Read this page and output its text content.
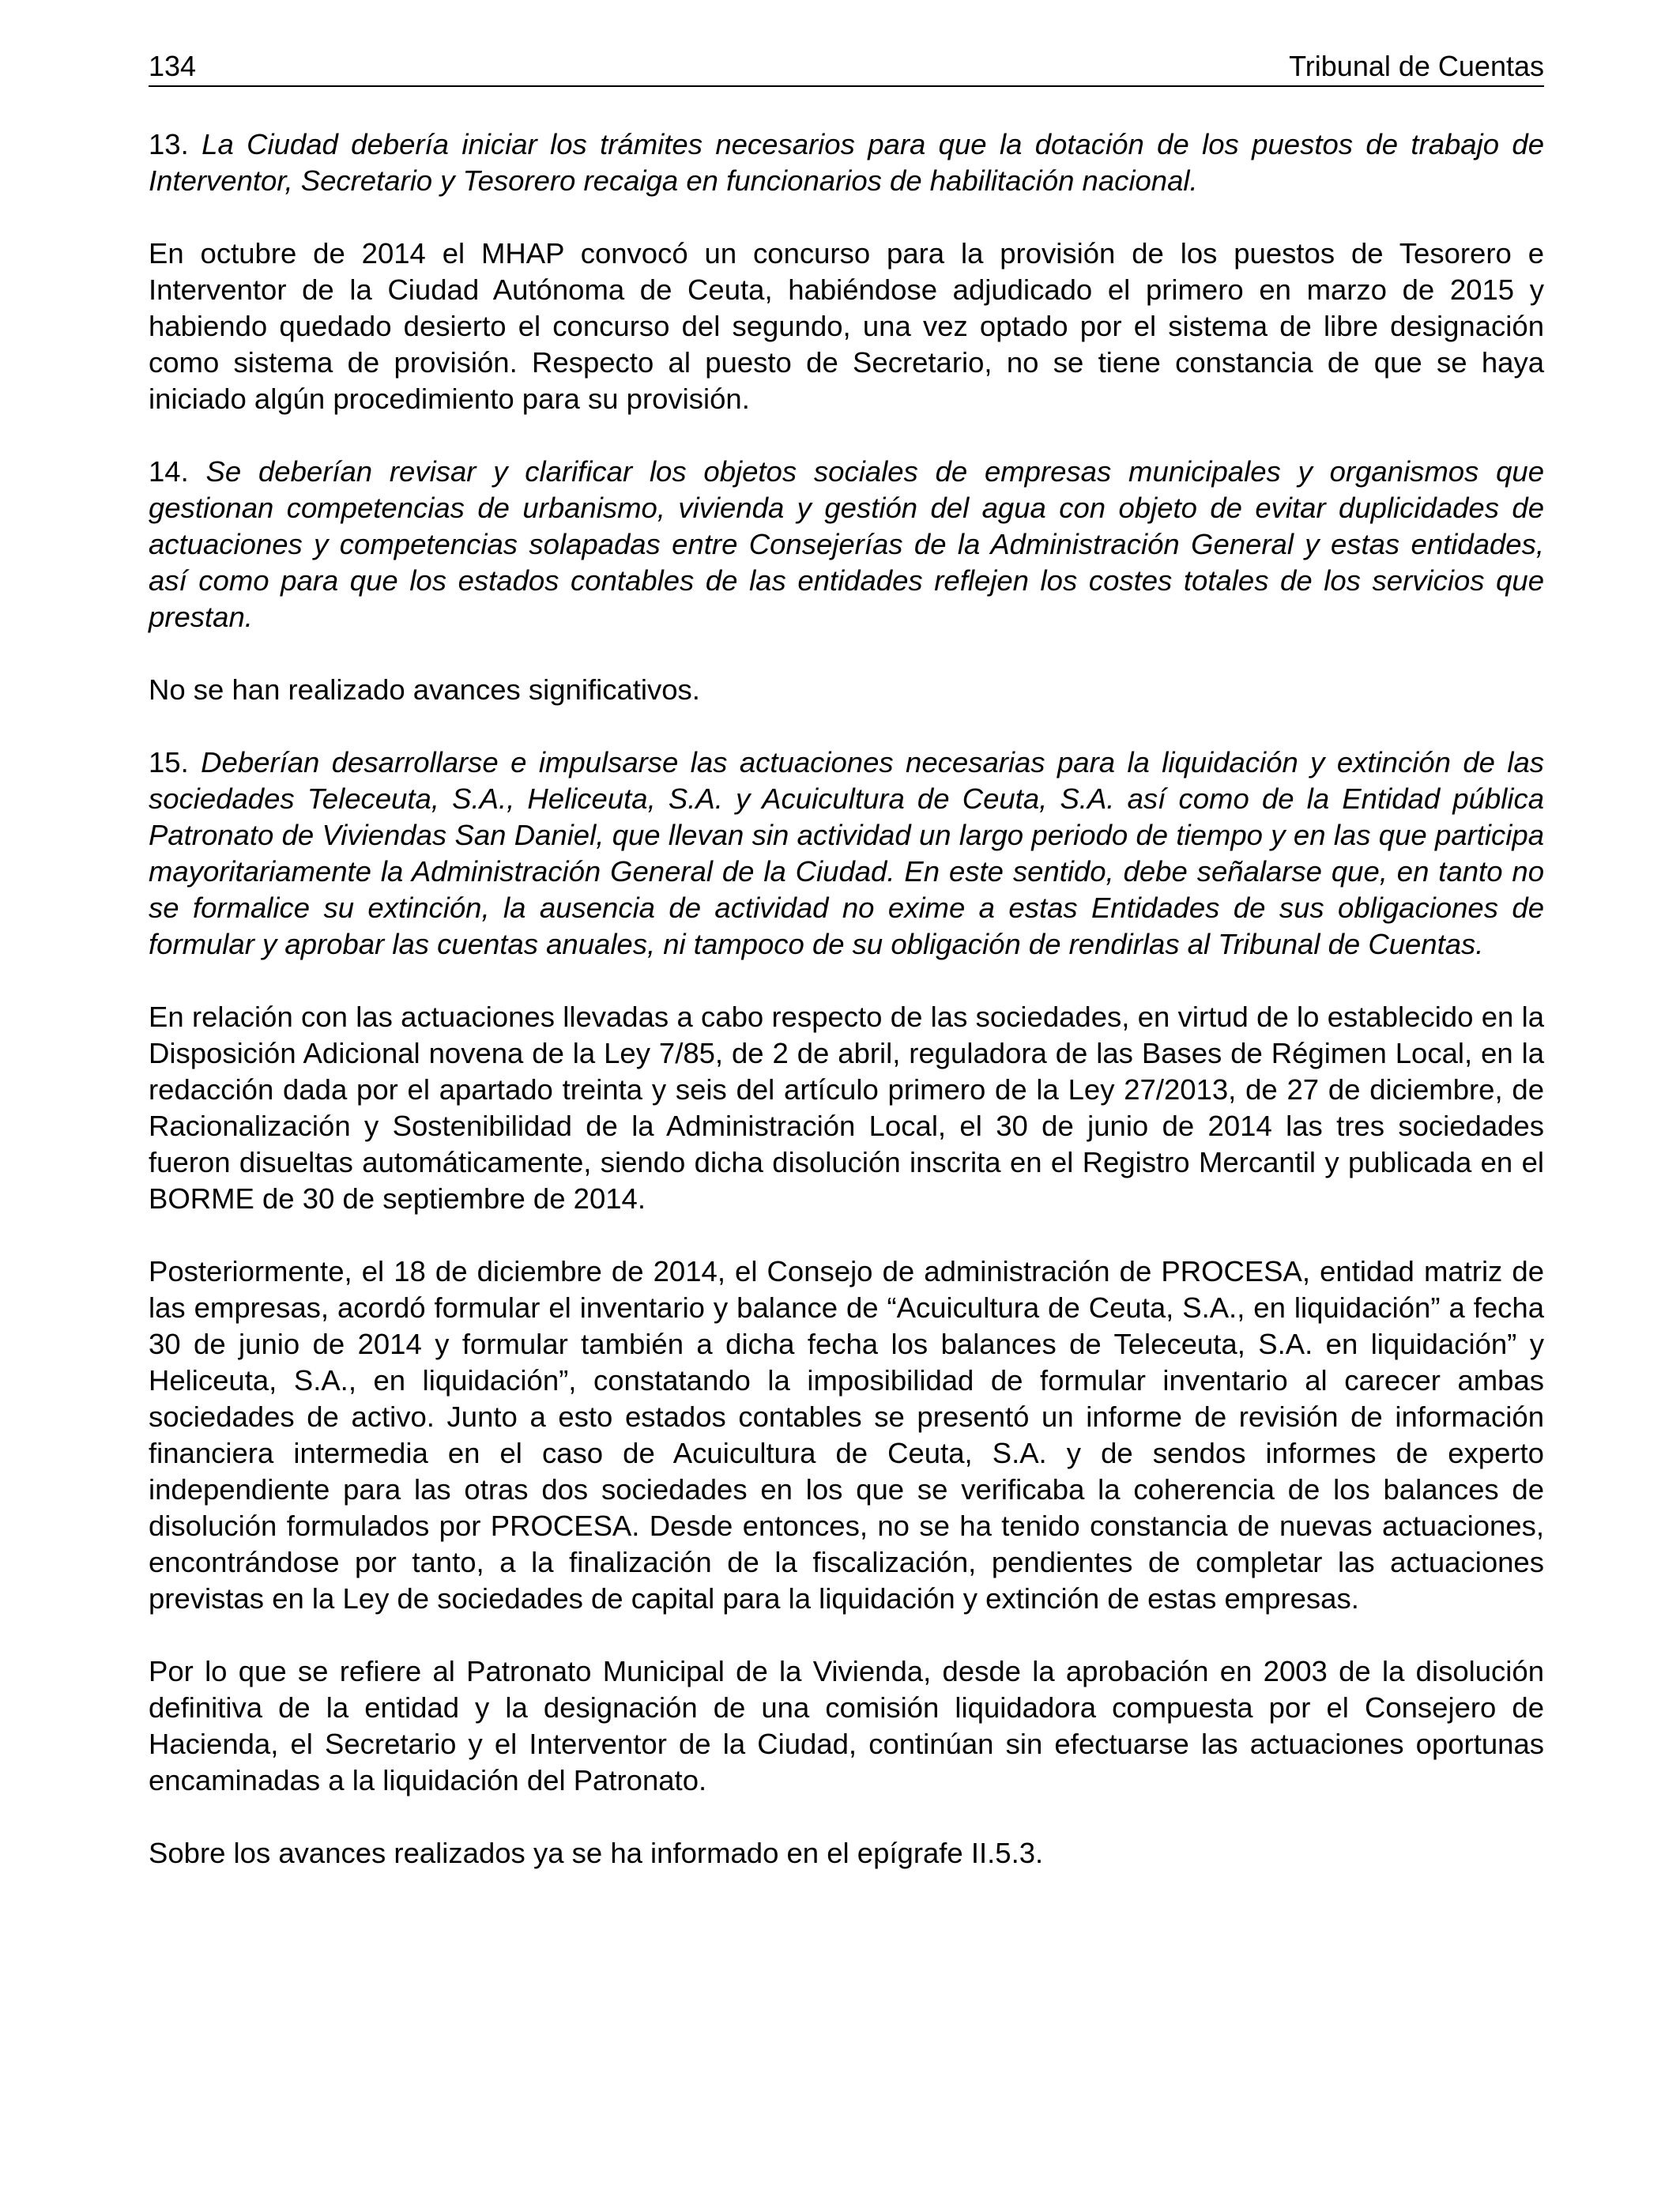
134	Tribunal de Cuentas

13. La Ciudad debería iniciar los trámites necesarios para que la dotación de los puestos de trabajo de Interventor, Secretario y Tesorero recaiga en funcionarios de habilitación nacional.

En octubre de 2014 el MHAP convocó un concurso para la provisión de los puestos de Tesorero e Interventor de la Ciudad Autónoma de Ceuta, habiéndose adjudicado el primero en marzo de 2015 y habiendo quedado desierto el concurso del segundo, una vez optado por el sistema de libre designación como sistema de provisión. Respecto al puesto de Secretario, no se tiene constancia de que se haya iniciado algún procedimiento para su provisión.

14. Se deberían revisar y clarificar los objetos sociales de empresas municipales y organismos que gestionan competencias de urbanismo, vivienda y gestión del agua con objeto de evitar duplicidades de actuaciones y competencias solapadas entre Consejerías de la Administración General y estas entidades, así como para que los estados contables de las entidades reflejen los costes totales de los servicios que prestan.

No se han realizado avances significativos.

15. Deberían desarrollarse e impulsarse las actuaciones necesarias para la liquidación y extinción de las sociedades Teleceuta, S.A., Heliceuta, S.A. y Acuicultura de Ceuta, S.A. así como de la Entidad pública Patronato de Viviendas San Daniel, que llevan sin actividad un largo periodo de tiempo y en las que participa mayoritariamente la Administración General de la Ciudad. En este sentido, debe señalarse que, en tanto no se formalice su extinción, la ausencia de actividad no exime a estas Entidades de sus obligaciones de formular y aprobar las cuentas anuales, ni tampoco de su obligación de rendirlas al Tribunal de Cuentas.

En relación con las actuaciones llevadas a cabo respecto de las sociedades, en virtud de lo establecido en la Disposición Adicional novena de la Ley 7/85, de 2 de abril, reguladora de las Bases de Régimen Local, en la redacción dada por el apartado treinta y seis del artículo primero de la Ley 27/2013, de 27 de diciembre, de Racionalización y Sostenibilidad de la Administración Local, el 30 de junio de 2014 las tres sociedades fueron disueltas automáticamente, siendo dicha disolución inscrita en el Registro Mercantil y publicada en el BORME de 30 de septiembre de 2014.

Posteriormente, el 18 de diciembre de 2014, el Consejo de administración de PROCESA, entidad matriz de las empresas, acordó formular el inventario y balance de “Acuicultura de Ceuta, S.A., en liquidación” a fecha 30 de junio de 2014 y formular también a dicha fecha los balances de Teleceuta, S.A. en liquidación” y Heliceuta, S.A., en liquidación”, constatando la imposibilidad de formular inventario al carecer ambas sociedades de activo. Junto a esto estados contables se presentó un informe de revisión de información financiera intermedia en el caso de Acuicultura de Ceuta, S.A. y de sendos informes de experto independiente para las otras dos sociedades en los que se verificaba la coherencia de los balances de disolución formulados por PROCESA. Desde entonces, no se ha tenido constancia de nuevas actuaciones, encontrándose por tanto, a la finalización de la fiscalización, pendientes de completar las actuaciones previstas en la Ley de sociedades de capital para la liquidación y extinción de estas empresas.

Por lo que se refiere al Patronato Municipal de la Vivienda, desde la aprobación en 2003 de la disolución definitiva de la entidad y la designación de una comisión liquidadora compuesta por el Consejero de Hacienda, el Secretario y el Interventor de la Ciudad, continúan sin efectuarse las actuaciones oportunas encaminadas a la liquidación del Patronato.

Sobre los avances realizados ya se ha informado en el epígrafe II.5.3.
